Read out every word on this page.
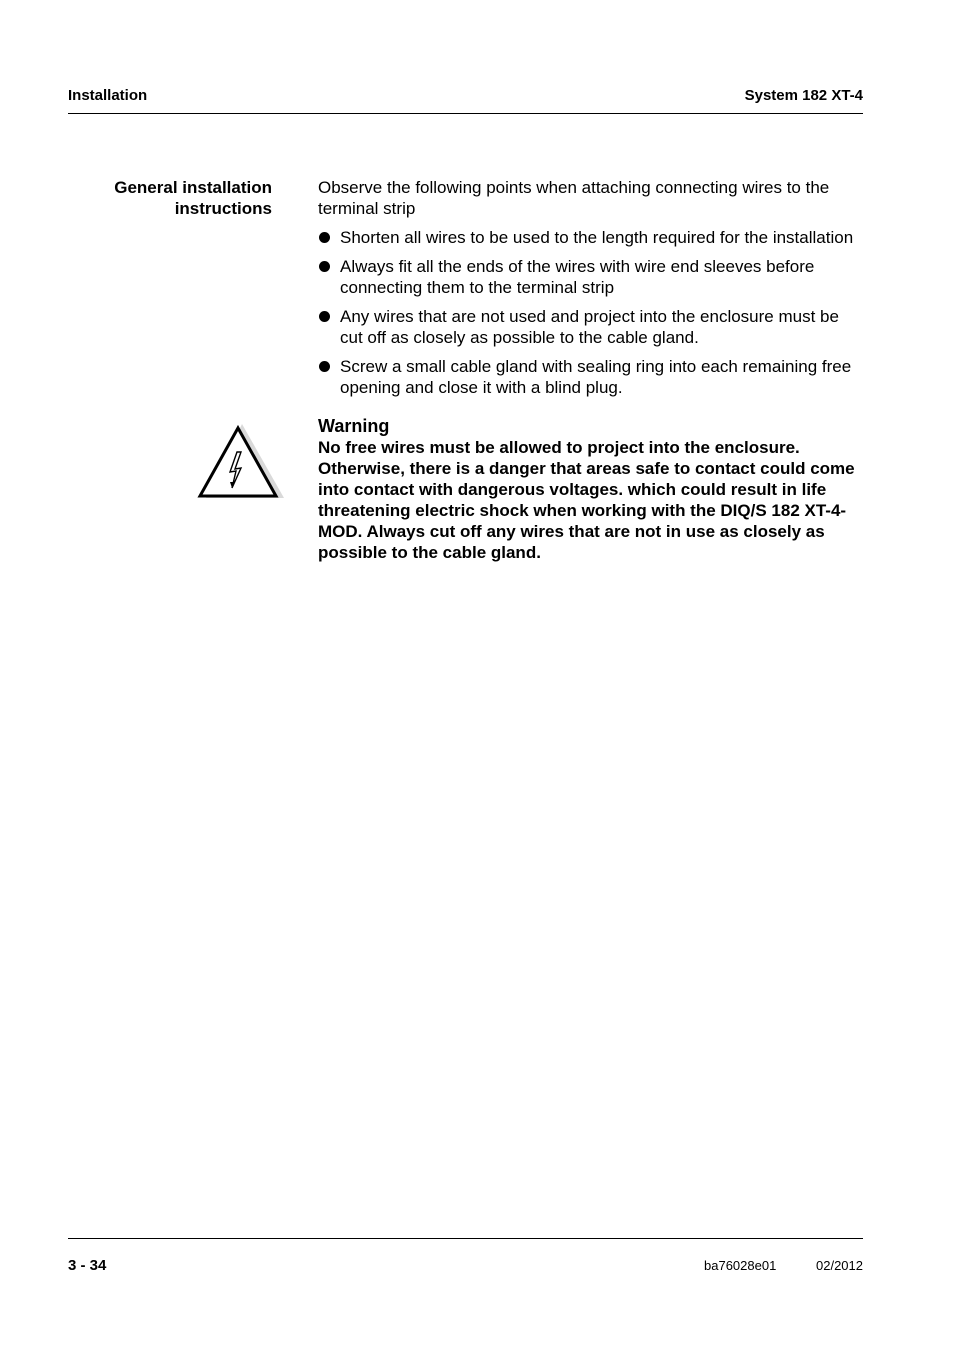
Installation	System 182 XT-4
General installation
instructions
Observe the following points when attaching connecting wires to the
terminal strip
Shorten all wires to be used to the length required for the installation
Always fit all the ends of the wires with wire end sleeves before
connecting them to the terminal strip
Any wires that are not used and project into the enclosure must be
cut off as closely as possible to the cable gland.
Screw a small cable gland with sealing ring into each remaining free
opening and close it with a blind plug.
Warning
No free wires must be allowed to project into the enclosure.
Otherwise, there is a danger that areas safe to contact could come
into contact with dangerous voltages. which could result in life
threatening electric shock when working with the DIQ/S 182 XT-4-
MOD. Always cut off any wires that are not in use as closely as
possible to the cable gland.
3 - 34	ba76028e01	02/2012
